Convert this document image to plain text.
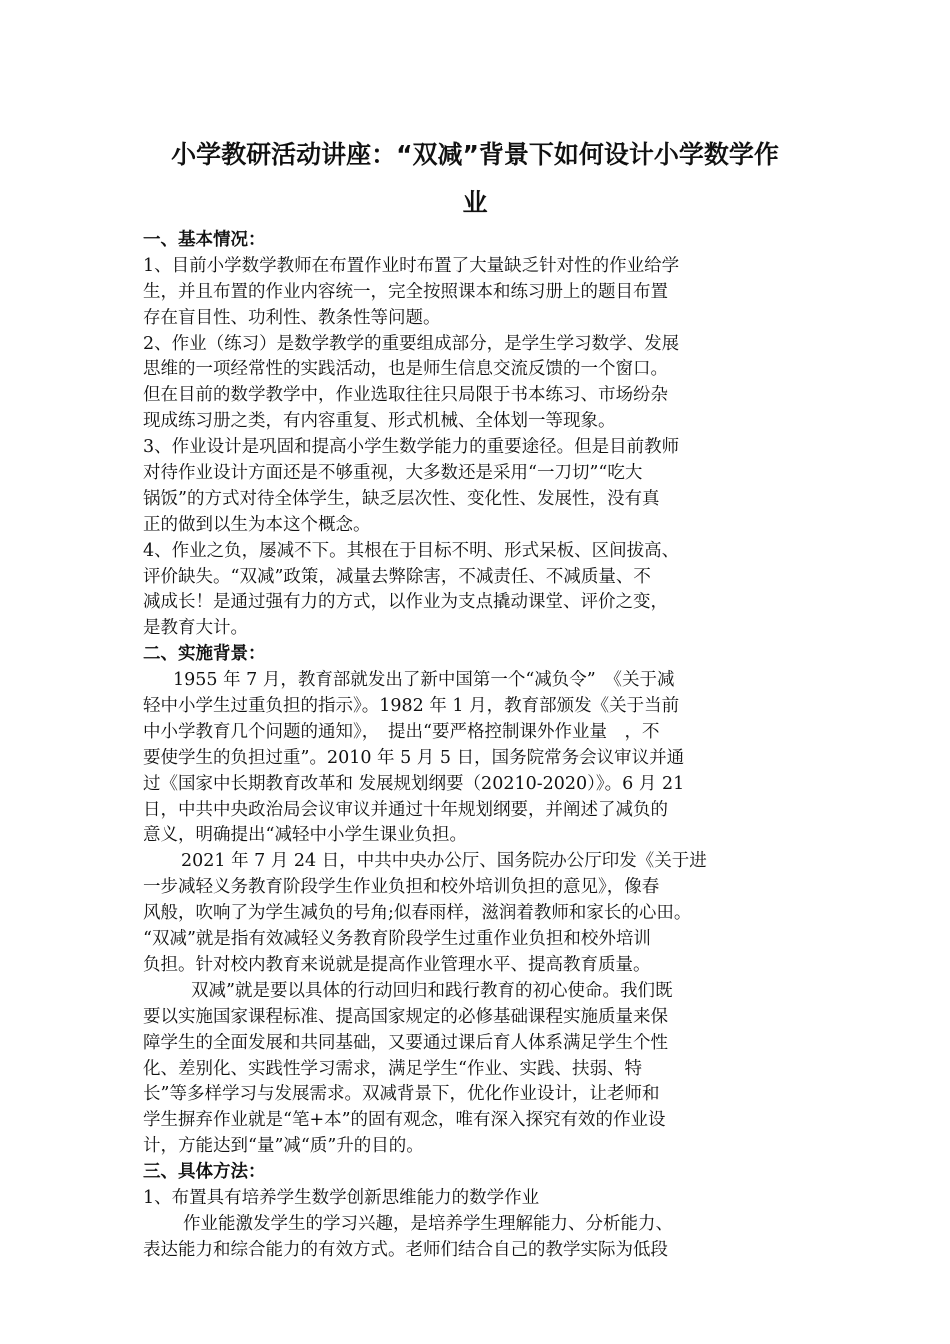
小学教研活动讲座：“双减”背景下如何设计小学数学作
业
一、基本情况：
1、目前小学数学教师在布置作业时布置了大量缺乏针对性的作业给学
生，并且布置的作业内容统一，完全按照课本和练习册上的题目布置
存在盲目性、功利性、教条性等问题。
2、作业（练习）是数学教学的重要组成部分，是学生学习数学、发展
思维的一项经常性的实践活动，也是师生信息交流反馈的一个窗口。
但在目前的数学教学中，作业选取往往只局限于书本练习、市场纷杂
现成练习册之类，有内容重复、形式机械、全体划一等现象。
3、作业设计是巩固和提高小学生数学能力的重要途径。但是目前教师
对待作业设计方面还是不够重视，大多数还是采用“一刀切”“吃大
锅饭”的方式对待全体学生，缺乏层次性、变化性、发展性，没有真
正的做到以生为本这个概念。
4、作业之负，屡减不下。其根在于目标不明、形式呆板、区间拔高、
评价缺失。“双减”政策，减量去弊除害，不减责任、不减质量、不
减成长！是通过强有力的方式，以作业为支点撬动课堂、评价之变，
是教育大计。
二、实施背景：
1955 年 7 月，教育部就发出了新中国第一个“减负令”　《关于减
轻中小学生过重负担的指示》。1982 年 1 月，教育部颁发《关于当前
中小学教育几个问题的通知》，　提出“要严格控制课外作业量　，不
要使学生的负担过重”。2010 年 5 月 5 日，国务院常务会议审议并通
过《国家中长期教育改革和 发展规划纲要（20210-2020）》。6 月 21
日，中共中央政治局会议审议并通过十年规划纲要，并阐述了减负的
意义，明确提出“减轻中小学生课业负担。
2021 年 7 月 24 日，中共中央办公厅、国务院办公厅印发《关于进
一步减轻义务教育阶段学生作业负担和校外培训负担的意见》，像春
风般，吹响了为学生减负的号角;似春雨样，滋润着教师和家长的心田。
“双减”就是指有效减轻义务教育阶段学生过重作业负担和校外培训
负担。针对校内教育来说就是提高作业管理水平、提高教育质量。
双减”就是要以具体的行动回归和践行教育的初心使命。我们既
要以实施国家课程标准、提高国家规定的必修基础课程实施质量来保
障学生的全面发展和共同基础，又要通过课后育人体系满足学生个性
化、差别化、实践性学习需求，满足学生“作业、实践、扶弱、特
长”等多样学习与发展需求。双减背景下，优化作业设计，让老师和
学生摒弃作业就是“笔+本”的固有观念，唯有深入探究有效的作业设
计，方能达到“量”减“质”升的目的。
三、具体方法：
1、布置具有培养学生数学创新思维能力的数学作业
作业能激发学生的学习兴趣，是培养学生理解能力、分析能力、
表达能力和综合能力的有效方式。老师们结合自己的教学实际为低段
